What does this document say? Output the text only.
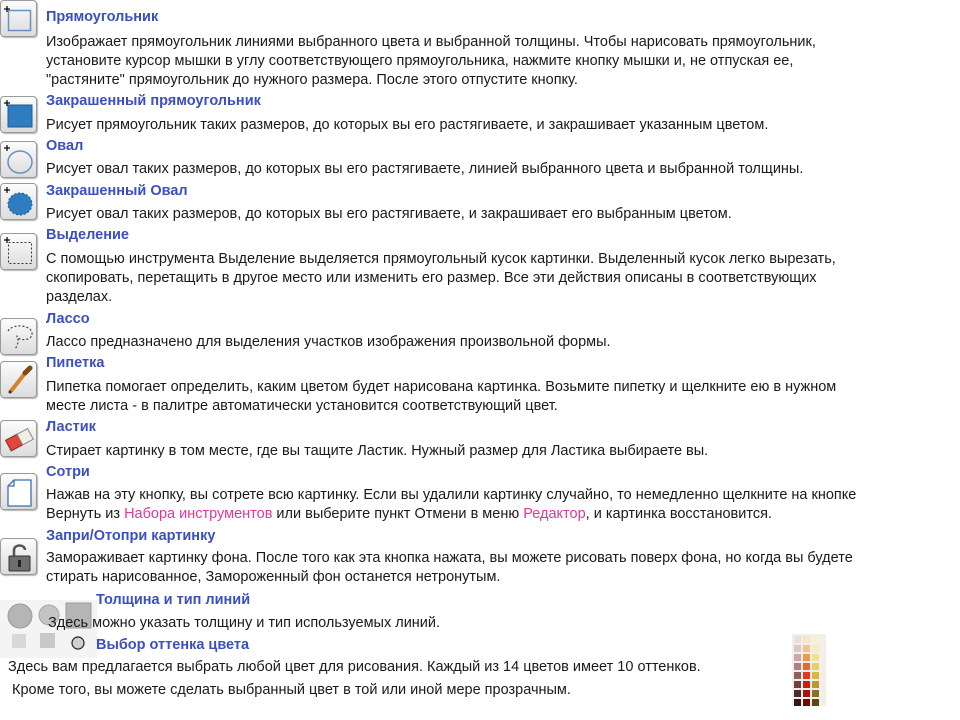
Прямоугольник
Изображает прямоугольник линиями выбранного цвета и выбранной толщины. Чтобы нарисовать прямоугольник,
установите курсор мышки в углу соответствующего прямоугольника, нажмите кнопку мышки и, не отпуская ее,
"растяните" прямоугольник до нужного размера. После этого отпустите кнопку.
Закрашенный прямоугольник
Рисует прямоугольник таких размеров, до которых вы его растягиваете, и закрашивает указанным цветом.
Овал
Рисует овал таких размеров, до которых вы его растягиваете, линией выбранного цвета и выбранной толщины.
Закрашенный Овал
Рисует овал таких размеров, до которых вы его растягиваете, и закрашивает его выбранным цветом.
Выделение
С помощью инструмента Выделение выделяется прямоугольный кусок картинки. Выделенный кусок легко вырезать,
скопировать, перетащить в другое место или изменить его размер. Все эти действия описаны в соответствующих
разделах.
Лассо
Лассо предназначено для выделения участков изображения произвольной формы.
Пипетка
Пипетка помогает определить, каким цветом будет нарисована картинка. Возьмите пипетку и щелкните ею в нужном
месте листа - в палитре автоматически установится соответствующий цвет.
Ластик
Стирает картинку в том месте, где вы тащите Ластик. Нужный размер для Ластика выбираете вы.
Сотри
Нажав на эту кнопку, вы сотрете всю картинку. Если вы удалили картинку случайно, то немедленно щелкните на кнопке
Вернуть из Набора инструментов или выберите пункт Отмени в меню Редактор, и картинка восстановится.
Запри/Отопри картинку
Замораживает картинку фона. После того как эта кнопка нажата, вы можете рисовать поверх фона, но когда вы будете
стирать нарисованное, Замороженный фон останется нетронутым.
Толщина и тип линий
Здесь можно указать толщину и тип используемых линий.
Выбор оттенка цвета
Здесь вам предлагается выбрать любой цвет для рисования. Каждый из 14 цветов имеет 10 оттенков.
Кроме того, вы можете сделать выбранный цвет в той или иной мере прозрачным.
